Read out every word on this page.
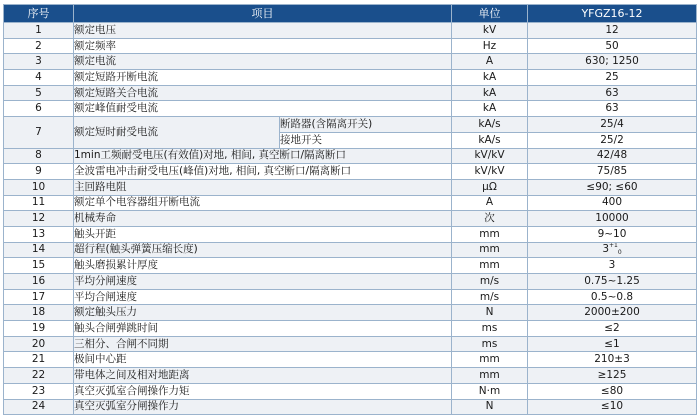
序号	项目		单位	YFGZ16-12
1	额定电压		kV	12
2	额定频率		Hz	50
3	额定电流		A	630; 1250
4	额定短路开断电流		kA	25
5	额定短路关合电流		kA	63
6	额定峰值耐受电流		kA	63
7	额定短时耐受电流	断路器(含隔离开关)	kA/s	25/4
		接地开关	kA/s	25/2
8	1min工频耐受电压(有效值)对地, 相间, 真空断口/隔离断口		kV/kV	42/48
9	全波雷电冲击耐受电压(峰值)对地, 相间, 真空断口/隔离断口		kV/kV	75/85
10	主回路电阻		μΩ	≤90; ≤60
11	额定单个电容器组开断电流		A	400
12	机械寿命		次	10000
13	触头开距		mm	9~10
14	超行程(触头弹簧压缩长度)		mm	$3^{+1}0$
15	触头磨损累计厚度		mm	3
16	平均分闸速度		m/s	0.75~1.25
17	平均合闸速度		m/s	0.5~0.8
18	额定触头压力		N	2000±200
19	触头合闸弹跳时间		ms	≤2
20	三相分、合闸不同期		ms	≤1
21	极间中心距		mm	210±3
22	带电体之间及相对地距离		mm	≥125
23	真空灭弧室合闸操作力矩		N·m	≤80
24	真空灭弧室分闸操作力		N	≤10
